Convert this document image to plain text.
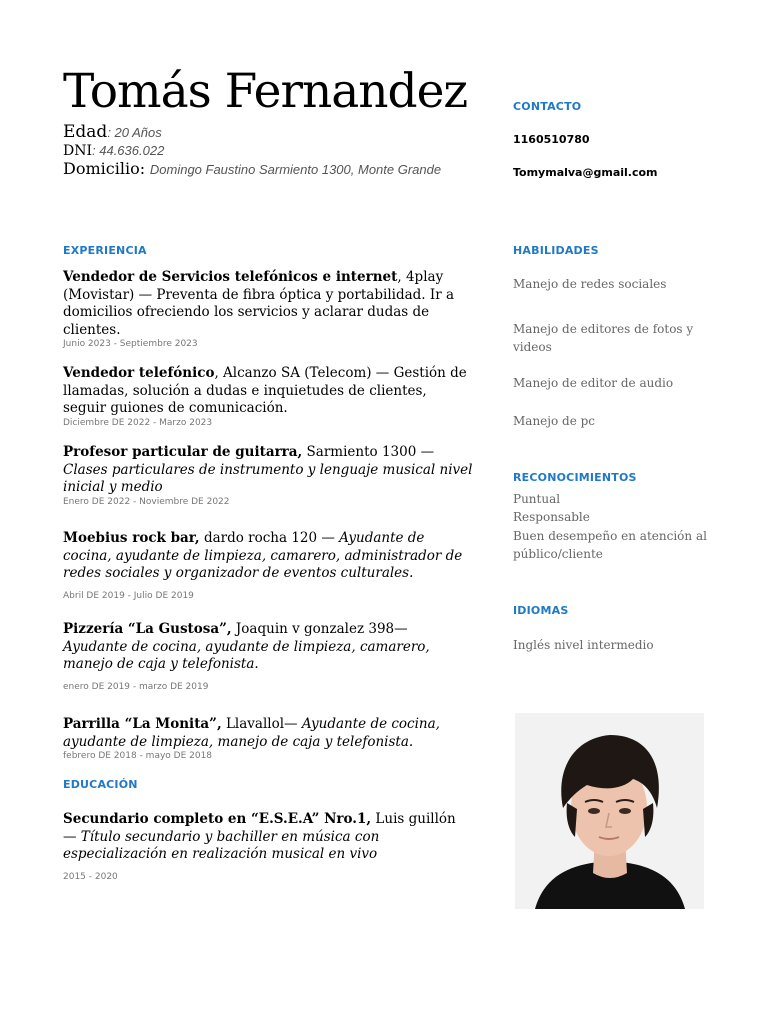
Tomás Fernandez
Edad: 20 Años
DNI: 44.636.022
Domicilio: Domingo Faustino Sarmiento 1300, Monte Grande
EXPERIENCIA
Vendedor de Servicios telefónicos e internet, 4play (Movistar) — Preventa de fibra óptica y portabilidad. Ir a domicilios ofreciendo los servicios y aclarar dudas de clientes.
Junio 2023 - Septiembre 2023
Vendedor telefónico, Alcanzo SA (Telecom) — Gestión de llamadas, solución a dudas e inquietudes de clientes, seguir guiones de comunicación.
Diciembre DE 2022 - Marzo 2023
Profesor particular de guitarra, Sarmiento 1300 — Clases particulares de instrumento y lenguaje musical nivel inicial y medio
Enero DE 2022 - Noviembre DE 2022
Moebius rock bar, dardo rocha 120 — Ayudante de cocina, ayudante de limpieza, camarero, administrador de redes sociales y organizador de eventos culturales.
Abril DE 2019 - Julio DE 2019
Pizzería “La Gustosa”, Joaquin v gonzalez 398— Ayudante de cocina, ayudante de limpieza, camarero, manejo de caja y telefonista.
enero DE 2019 - marzo DE 2019
Parrilla “La Monita”, Llavallol— Ayudante de cocina, ayudante de limpieza, manejo de caja y telefonista.
febrero DE 2018 - mayo DE 2018
EDUCACIÓN
Secundario completo en “E.S.E.A” Nro.1, Luis guillón — Título secundario y bachiller en música con especialización en realización musical en vivo
2015 - 2020
CONTACTO
1160510780
Tomymalva@gmail.com
HABILIDADES
Manejo de redes sociales
Manejo de editores de fotos y videos
Manejo de editor de audio
Manejo de pc
RECONOCIMIENTOS
Puntual
Responsable
Buen desempeño en atención al público/cliente
IDIOMAS
Inglés nivel intermedio
